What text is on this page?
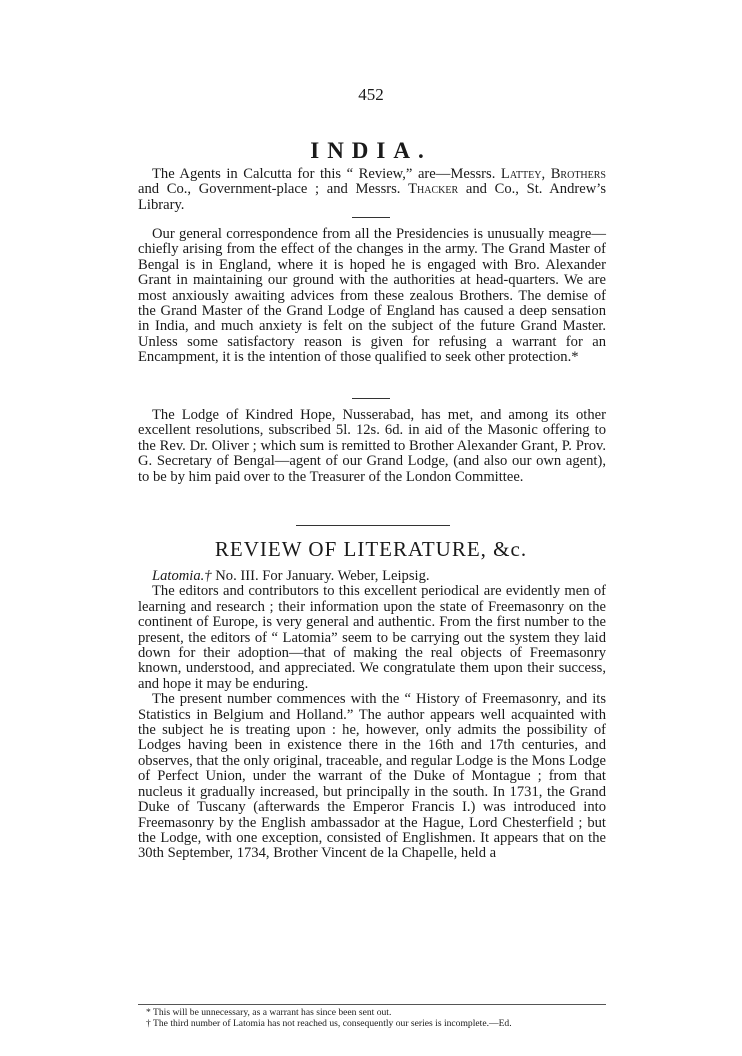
452
INDIA.

The Agents in Calcutta for this “ Review,” are—Messrs. Lattey, Brothers and Co., Government-place ; and Messrs. Thacker and Co., St. Andrew’s Library.

Our general correspondence from all the Presidencies is unusually meagre—chiefly arising from the effect of the changes in the army. The Grand Master of Bengal is in England, where it is hoped he is engaged with Bro. Alexander Grant in maintaining our ground with the authorities at head-quarters. We are most anxiously awaiting advices from these zealous Brothers. The demise of the Grand Master of the Grand Lodge of England has caused a deep sensation in India, and much anxiety is felt on the subject of the future Grand Master. Unless some satisfactory reason is given for refusing a warrant for an Encampment, it is the intention of those qualified to seek other protection.*

The Lodge of Kindred Hope, Nusserabad, has met, and among its other excellent resolutions, subscribed 5l. 12s. 6d. in aid of the Masonic offering to the Rev. Dr. Oliver ; which sum is remitted to Brother Alexander Grant, P. Prov. G. Secretary of Bengal—agent of our Grand Lodge, (and also our own agent), to be by him paid over to the Treasurer of the London Committee.

REVIEW OF LITERATURE, &c.

Latomia.† No. III. For January. Weber, Leipsig.

The editors and contributors to this excellent periodical are evidently men of learning and research ; their information upon the state of Freemasonry on the continent of Europe, is very general and authentic. From the first number to the present, the editors of “ Latomia” seem to be carrying out the system they laid down for their adoption—that of making the real objects of Freemasonry known, understood, and appreciated. We congratulate them upon their success, and hope it may be enduring.

The present number commences with the “ History of Freemasonry, and its Statistics in Belgium and Holland.” The author appears well acquainted with the subject he is treating upon : he, however, only admits the possibility of Lodges having been in existence there in the 16th and 17th centuries, and observes, that the only original, traceable, and regular Lodge is the Mons Lodge of Perfect Union, under the warrant of the Duke of Montague ; from that nucleus it gradually increased, but principally in the south. In 1731, the Grand Duke of Tuscany (afterwards the Emperor Francis I.) was introduced into Freemasonry by the English ambassador at the Hague, Lord Chesterfield ; but the Lodge, with one exception, consisted of Englishmen. It appears that on the 30th September, 1734, Brother Vincent de la Chapelle, held a

* This will be unnecessary, as a warrant has since been sent out.
† The third number of Latomia has not reached us, consequently our series is incomplete.—Ed.
